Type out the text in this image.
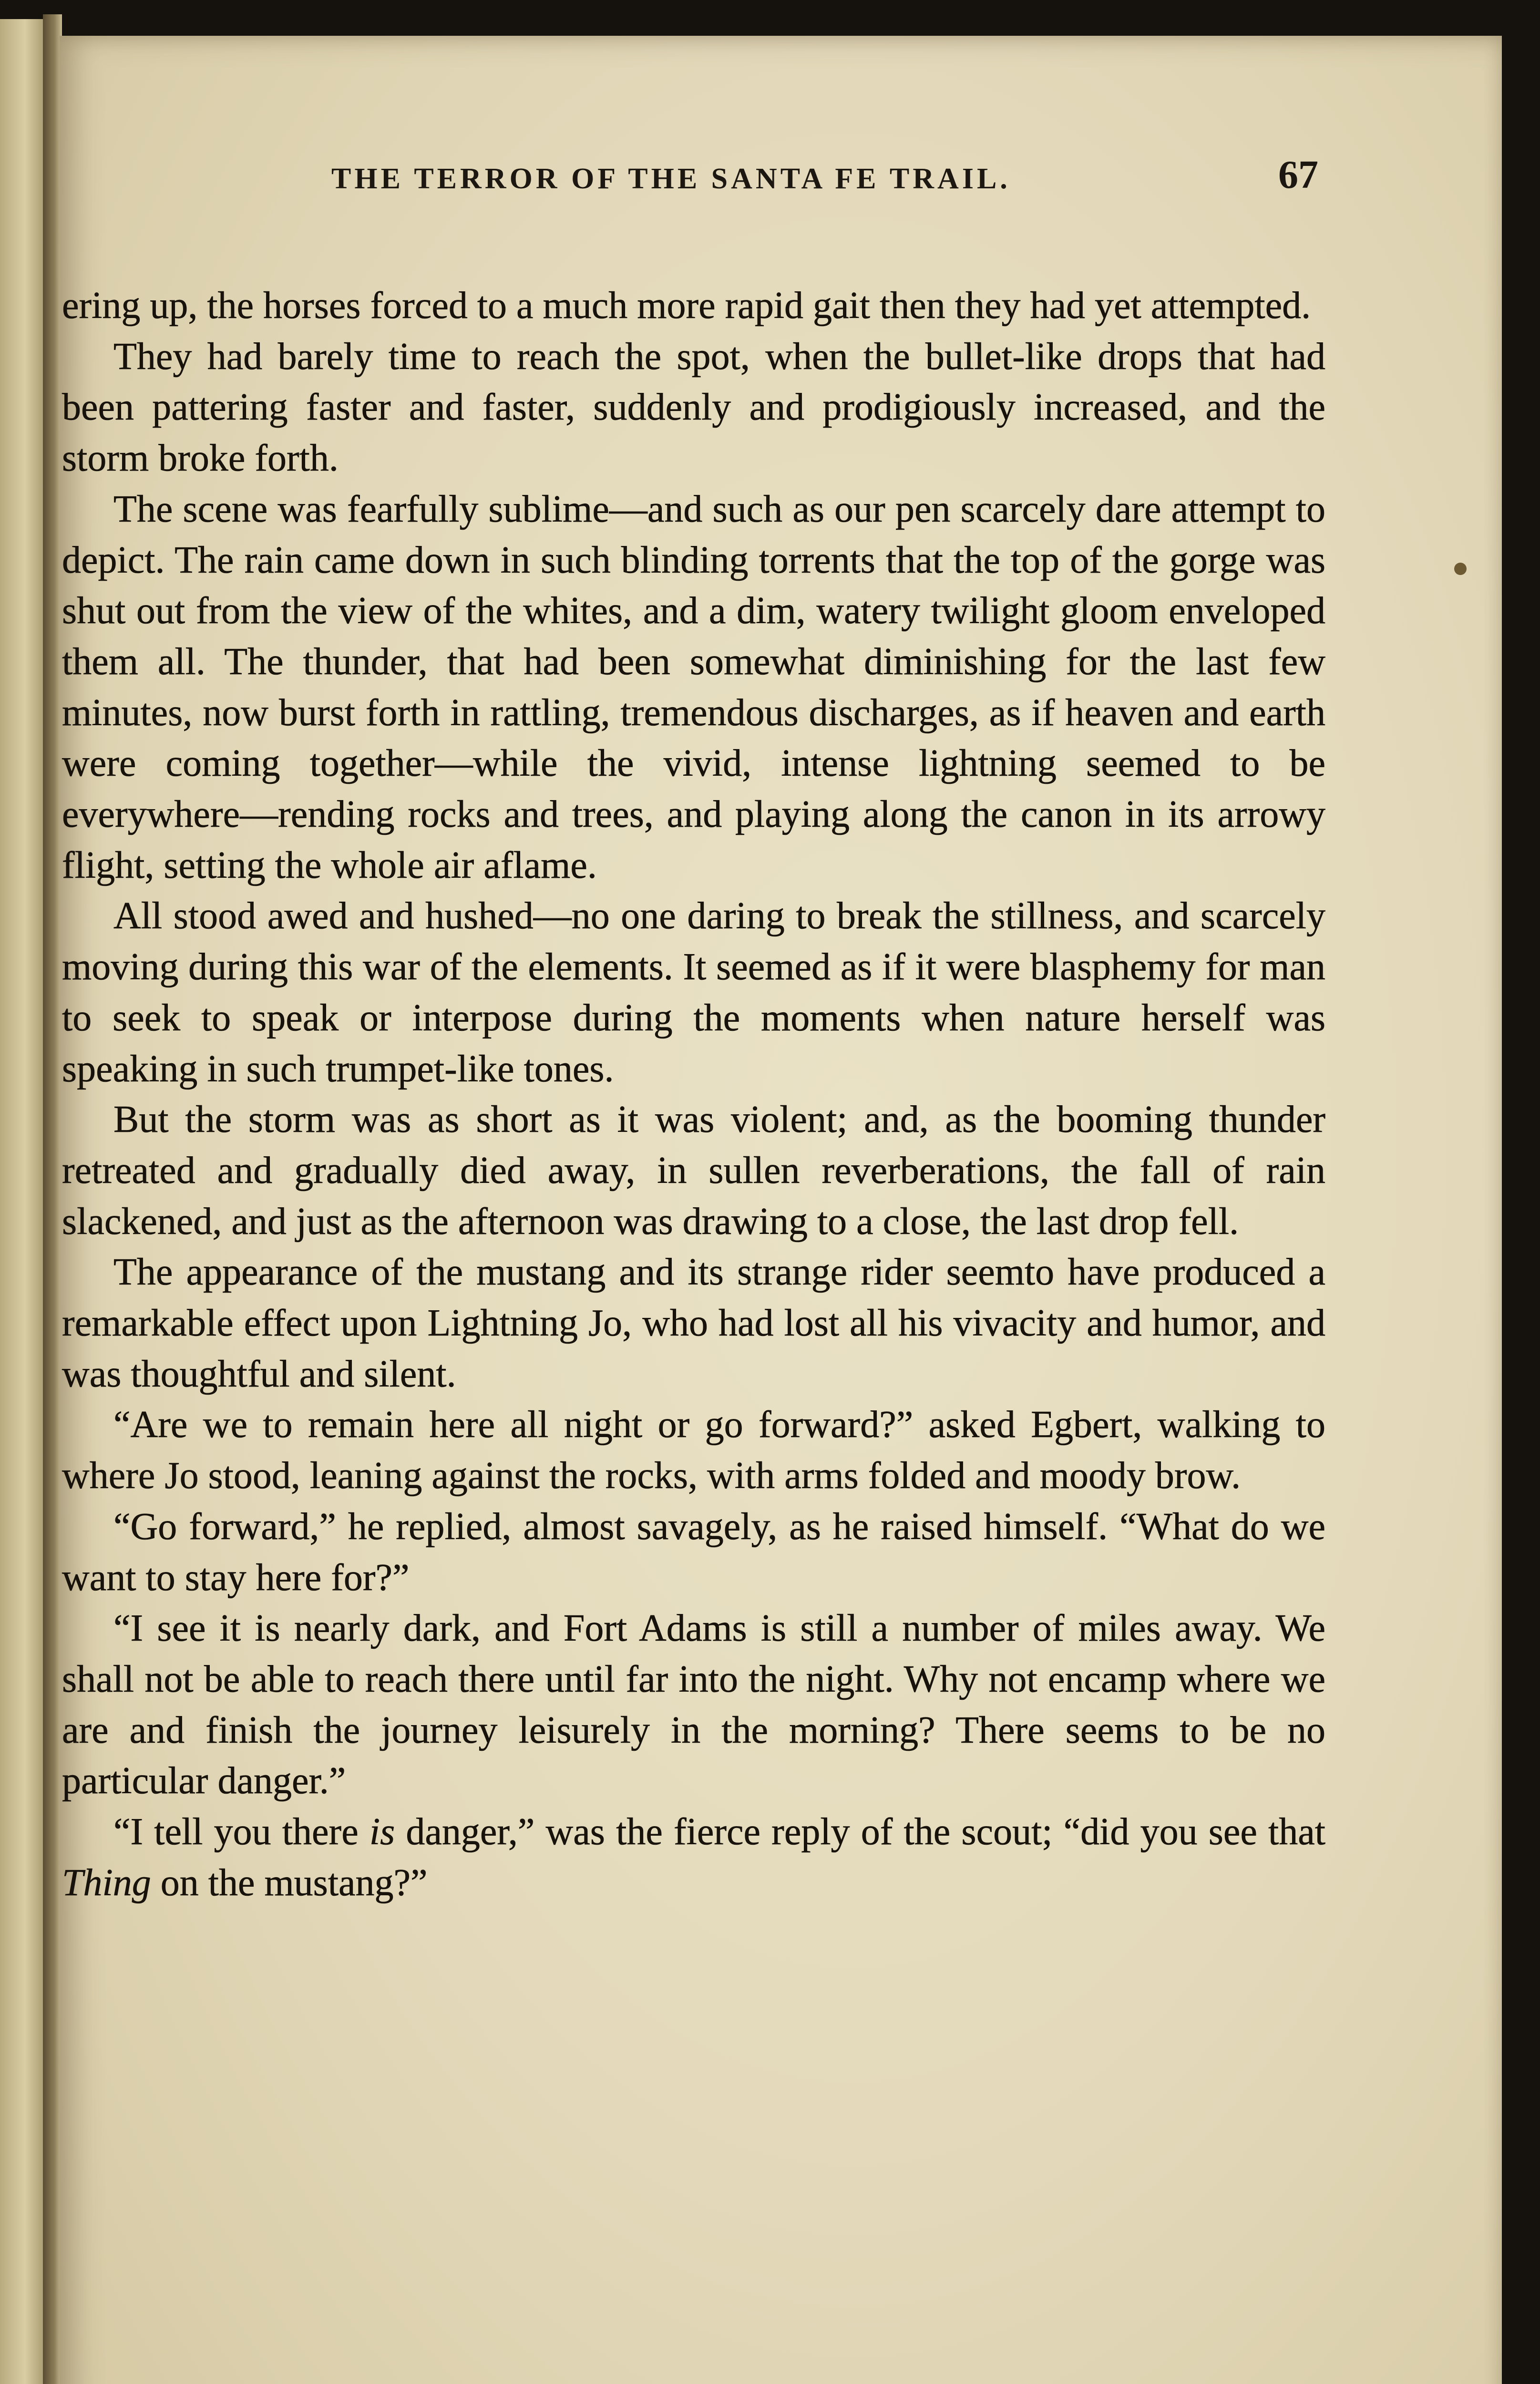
THE TERROR OF THE SANTA FE TRAIL.	67

ering up, the horses forced to a much more rapid gait then they had yet attempted.

They had barely time to reach the spot, when the bullet-like drops that had been pattering faster and faster, suddenly and prodigiously increased, and the storm broke forth.

The scene was fearfully sublime—and such as our pen scarcely dare attempt to depict. The rain came down in such blinding torrents that the top of the gorge was shut out from the view of the whites, and a dim, watery twilight gloom enveloped them all. The thunder, that had been somewhat diminishing for the last few minutes, now burst forth in rattling, tremendous discharges, as if heaven and earth were coming together—while the vivid, intense lightning seemed to be everywhere—rending rocks and trees, and playing along the canon in its arrowy flight, setting the whole air aflame.

All stood awed and hushed—no one daring to break the stillness, and scarcely moving during this war of the elements. It seemed as if it were blasphemy for man to seek to speak or interpose during the moments when nature herself was speaking in such trumpet-like tones.

But the storm was as short as it was violent; and, as the booming thunder retreated and gradually died away, in sullen reverberations, the fall of rain slackened, and just as the afternoon was drawing to a close, the last drop fell.

The appearance of the mustang and its strange rider seemto have produced a remarkable effect upon Lightning Jo, who had lost all his vivacity and humor, and was thoughtful and silent.

“Are we to remain here all night or go forward?” asked Egbert, walking to where Jo stood, leaning against the rocks, with arms folded and moody brow.

“Go forward,” he replied, almost savagely, as he raised himself. “What do we want to stay here for?”

“I see it is nearly dark, and Fort Adams is still a number of miles away. We shall not be able to reach there until far into the night. Why not encamp where we are and finish the journey leisurely in the morning? There seems to be no particular danger.”

“I tell you there is danger,” was the fierce reply of the scout; “did you see that Thing on the mustang?”
